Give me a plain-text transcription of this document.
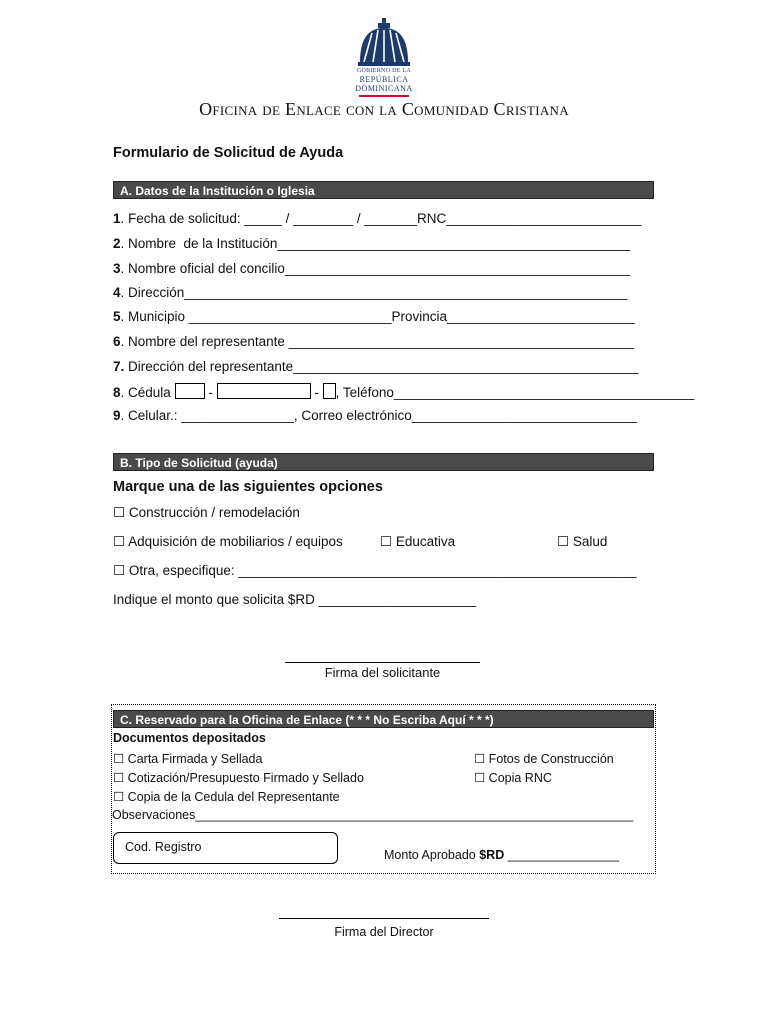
GOBIERNO DE LA
REPÚBLICA DOMINICANA
Oficina de Enlace con la Comunidad Cristiana
Formulario de Solicitud de Ayuda
A. Datos de la Institución o Iglesia
1. Fecha de solicitud: _____ / ________ / _______RNC__________________________
2. Nombre  de la Institución_______________________________________________
3. Nombre oficial del concilio______________________________________________
4. Dirección___________________________________________________________
5. Municipio ___________________________Provincia_________________________
6. Nombre del representante ______________________________________________
7. Dirección del representante______________________________________________
8. Cédula	-	- , Teléfono________________________________________
9. Celular.: _______________, Correo electrónico______________________________
B. Tipo de Solicitud (ayuda)
Marque una de las siguientes opciones
☐ Construcción / remodelación
☐ Adquisición de mobiliarios / equipos	☐ Educativa	☐ Salud
☐ Otra, especifique: _____________________________________________________
Indique el monto que solicita $RD _____________________
Firma del solicitante
C. Reservado para la Oficina de Enlace (* * * No Escriba Aquí * * *)
Documentos depositados
☐ Carta Firmada y Sellada
☐ Cotización/Presupuesto Firmado y Sellado
☐ Copia de la Cedula del Representante
☐ Fotos de Construcción
☐ Copia RNC
Observaciones_______________________________________________________________
Cod. Registro
Monto Aprobado $RD ________________
Firma del Director
